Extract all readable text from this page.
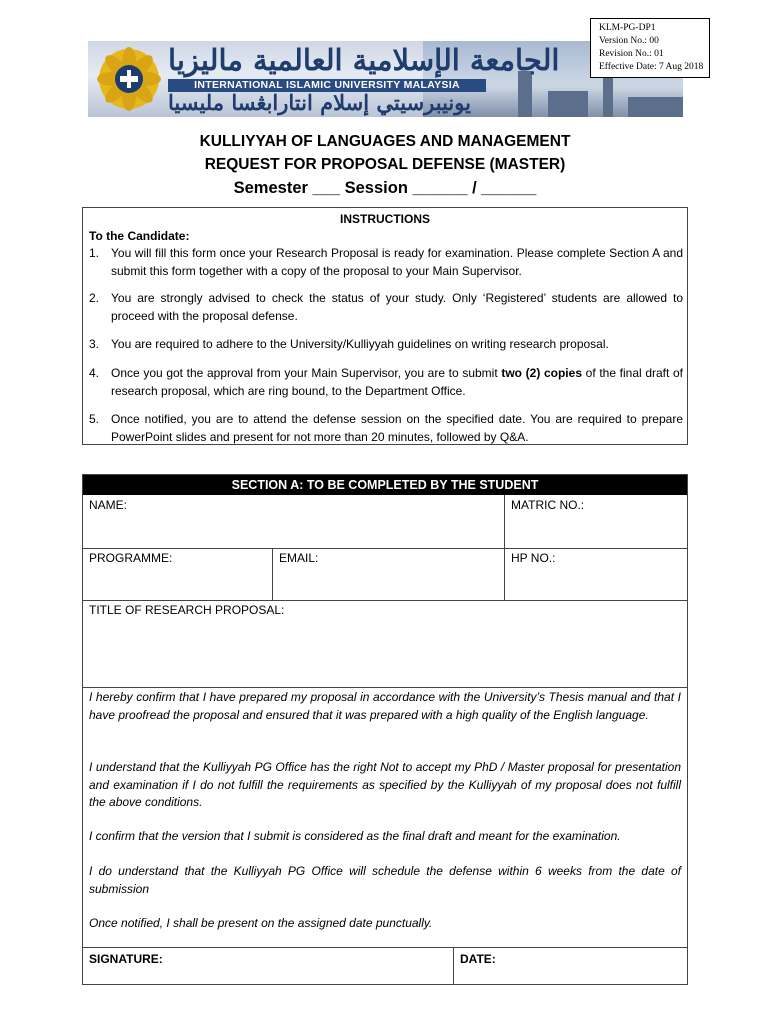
الجامعة الإسلامية العالمية ماليزيا
INTERNATIONAL ISLAMIC UNIVERSITY MALAYSIA
يونيبرسيتي إسلام انتارابڠسا مليسيا
KLM-PG-DP1
Version No.: 00
Revision No.: 01
Effective Date: 7 Aug 2018
KULLIYYAH OF LANGUAGES AND MANAGEMENT
REQUEST FOR PROPOSAL DEFENSE (MASTER)
Semester ___ Session ______ / ______
INSTRUCTIONS
To the Candidate:
1. You will fill this form once your Research Proposal is ready for examination. Please complete Section A and submit this form together with a copy of the proposal to your Main Supervisor.
2. You are strongly advised to check the status of your study. Only ‘Registered’ students are allowed to proceed with the proposal defense.
3. You are required to adhere to the University/Kulliyyah guidelines on writing research proposal.
4. Once you got the approval from your Main Supervisor, you are to submit two (2) copies of the final draft of research proposal, which are ring bound, to the Department Office.
5. Once notified, you are to attend the defense session on the specified date. You are required to prepare PowerPoint slides and present for not more than 20 minutes, followed by Q&A.
SECTION A: TO BE COMPLETED BY THE STUDENT
NAME:	MATRIC NO.:
PROGRAMME:	EMAIL:	HP NO.:
TITLE OF RESEARCH PROPOSAL:
I hereby confirm that I have prepared my proposal in accordance with the University’s Thesis manual and that I have proofread the proposal and ensured that it was prepared with a high quality of the English language.
I understand that the Kulliyyah PG Office has the right Not to accept my PhD / Master proposal for presentation and examination if I do not fulfill the requirements as specified by the Kulliyyah of my proposal does not fulfill the above conditions.
I confirm that the version that I submit is considered as the final draft and meant for the examination.
I do understand that the Kulliyyah PG Office will schedule the defense within 6 weeks from the date of submission
Once notified, I shall be present on the assigned date punctually.
SIGNATURE:	DATE:
